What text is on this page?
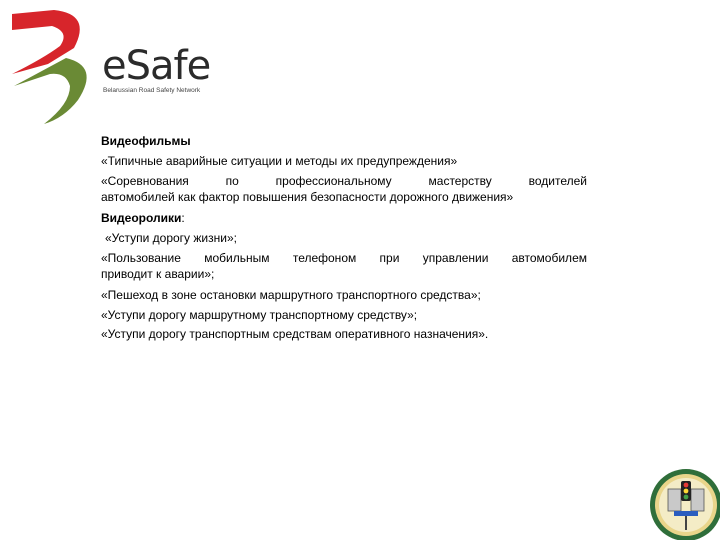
eSafe
Belarussian Road Safety Network

Видеофильмы

«Типичные аварийные ситуации и методы их предупреждения»

«Соревнования по профессиональному мастерству водителей

автомобилей как фактор повышения безопасности дорожного движения»

Видеоролики:

«Уступи дорогу жизни»;

«Пользование мобильным телефоном при управлении автомобилем

приводит к аварии»;

«Пешеход в зоне остановки маршрутного транспортного средства»;

«Уступи дорогу маршрутному транспортному средству»;

«Уступи дорогу транспортным средствам оперативного назначения».
